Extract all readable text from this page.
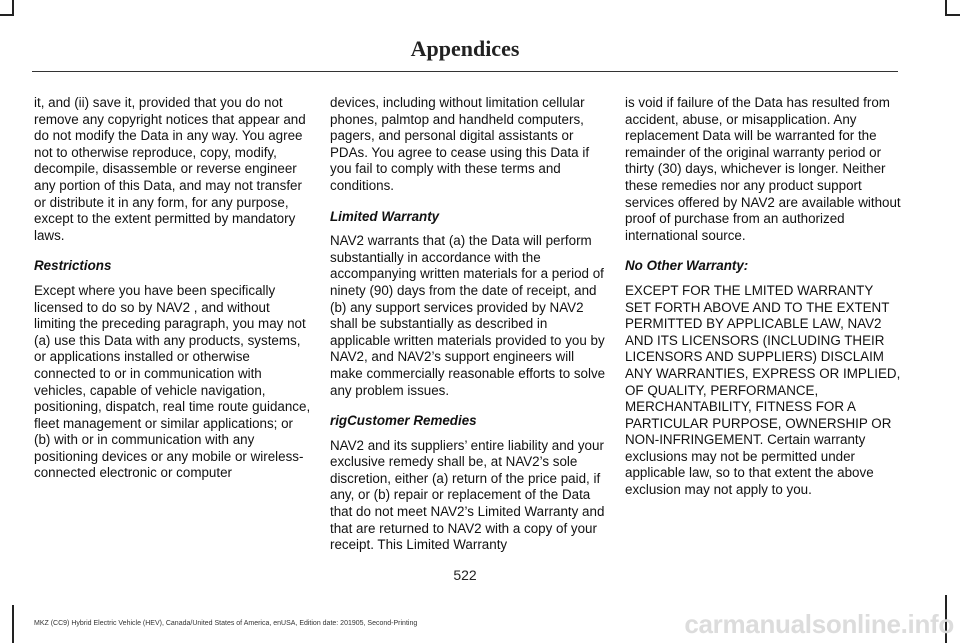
Appendices

it, and (ii) save it, provided that you do not remove any copyright notices that appear and do not modify the Data in any way. You agree not to otherwise reproduce, copy, modify, decompile, disassemble or reverse engineer any portion of this Data, and may not transfer or distribute it in any form, for any purpose, except to the extent permitted by mandatory laws.

Restrictions

Except where you have been specifically licensed to do so by NAV2 , and without limiting the preceding paragraph, you may not (a) use this Data with any products, systems, or applications installed or otherwise connected to or in communication with vehicles, capable of vehicle navigation, positioning, dispatch, real time route guidance, fleet management or similar applications; or (b) with or in communication with any positioning devices or any mobile or wireless-connected electronic or computer

devices, including without limitation cellular phones, palmtop and handheld computers, pagers, and personal digital assistants or PDAs. You agree to cease using this Data if you fail to comply with these terms and conditions.

Limited Warranty

NAV2 warrants that (a) the Data will perform substantially in accordance with the accompanying written materials for a period of ninety (90) days from the date of receipt, and (b) any support services provided by NAV2 shall be substantially as described in applicable written materials provided to you by NAV2, and NAV2’s support engineers will make commercially reasonable efforts to solve any problem issues.

rigCustomer Remedies

NAV2 and its suppliers’ entire liability and your exclusive remedy shall be, at NAV2’s sole discretion, either (a) return of the price paid, if any, or (b) repair or replacement of the Data that do not meet NAV2’s Limited Warranty and that are returned to NAV2 with a copy of your receipt. This Limited Warranty

is void if failure of the Data has resulted from accident, abuse, or misapplication. Any replacement Data will be warranted for the remainder of the original warranty period or thirty (30) days, whichever is longer. Neither these remedies nor any product support services offered by NAV2 are available without proof of purchase from an authorized international source.

No Other Warranty:

EXCEPT FOR THE LMITED WARRANTY SET FORTH ABOVE AND TO THE EXTENT PERMITTED BY APPLICABLE LAW, NAV2 AND ITS LICENSORS (INCLUDING THEIR LICENSORS AND SUPPLIERS) DISCLAIM ANY WARRANTIES, EXPRESS OR IMPLIED, OF QUALITY, PERFORMANCE, MERCHANTABILITY, FITNESS FOR A PARTICULAR PURPOSE, OWNERSHIP OR NON-INFRINGEMENT. Certain warranty exclusions may not be permitted under applicable law, so to that extent the above exclusion may not apply to you.

522
MKZ (CC9) Hybrid Electric Vehicle (HEV), Canada/United States of America, enUSA, Edition date: 201905, Second-Printing	carmanualsonline.info
